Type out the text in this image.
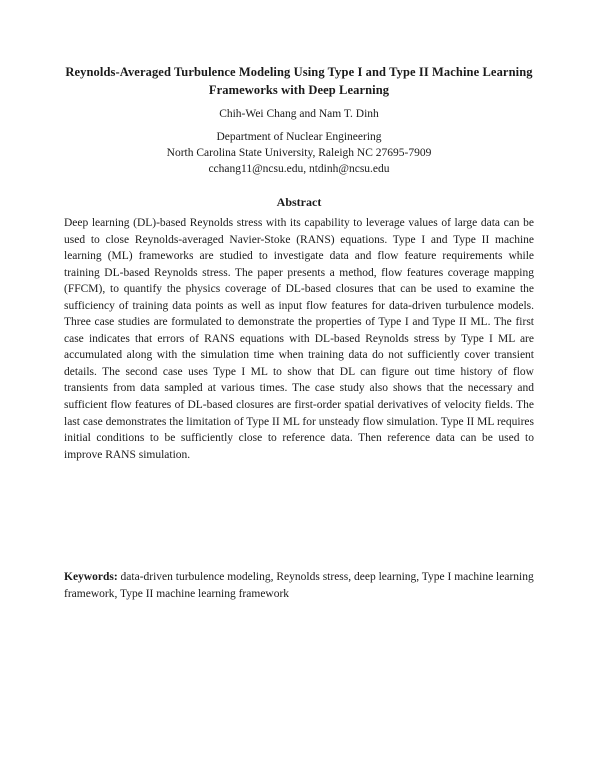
Reynolds-Averaged Turbulence Modeling Using Type I and Type II Machine Learning Frameworks with Deep Learning

Chih-Wei Chang and Nam T. Dinh

Department of Nuclear Engineering

North Carolina State University, Raleigh NC 27695-7909

cchang11@ncsu.edu, ntdinh@ncsu.edu

Abstract

Deep learning (DL)-based Reynolds stress with its capability to leverage values of large data can be used to close Reynolds-averaged Navier-Stoke (RANS) equations. Type I and Type II machine learning (ML) frameworks are studied to investigate data and flow feature requirements while training DL-based Reynolds stress. The paper presents a method, flow features coverage mapping (FFCM), to quantify the physics coverage of DL-based closures that can be used to examine the sufficiency of training data points as well as input flow features for data-driven turbulence models. Three case studies are formulated to demonstrate the properties of Type I and Type II ML. The first case indicates that errors of RANS equations with DL-based Reynolds stress by Type I ML are accumulated along with the simulation time when training data do not sufficiently cover transient details. The second case uses Type I ML to show that DL can figure out time history of flow transients from data sampled at various times. The case study also shows that the necessary and sufficient flow features of DL-based closures are first-order spatial derivatives of velocity fields. The last case demonstrates the limitation of Type II ML for unsteady flow simulation. Type II ML requires initial conditions to be sufficiently close to reference data. Then reference data can be used to improve RANS simulation.

Keywords: data-driven turbulence modeling, Reynolds stress, deep learning, Type I machine learning framework, Type II machine learning framework
